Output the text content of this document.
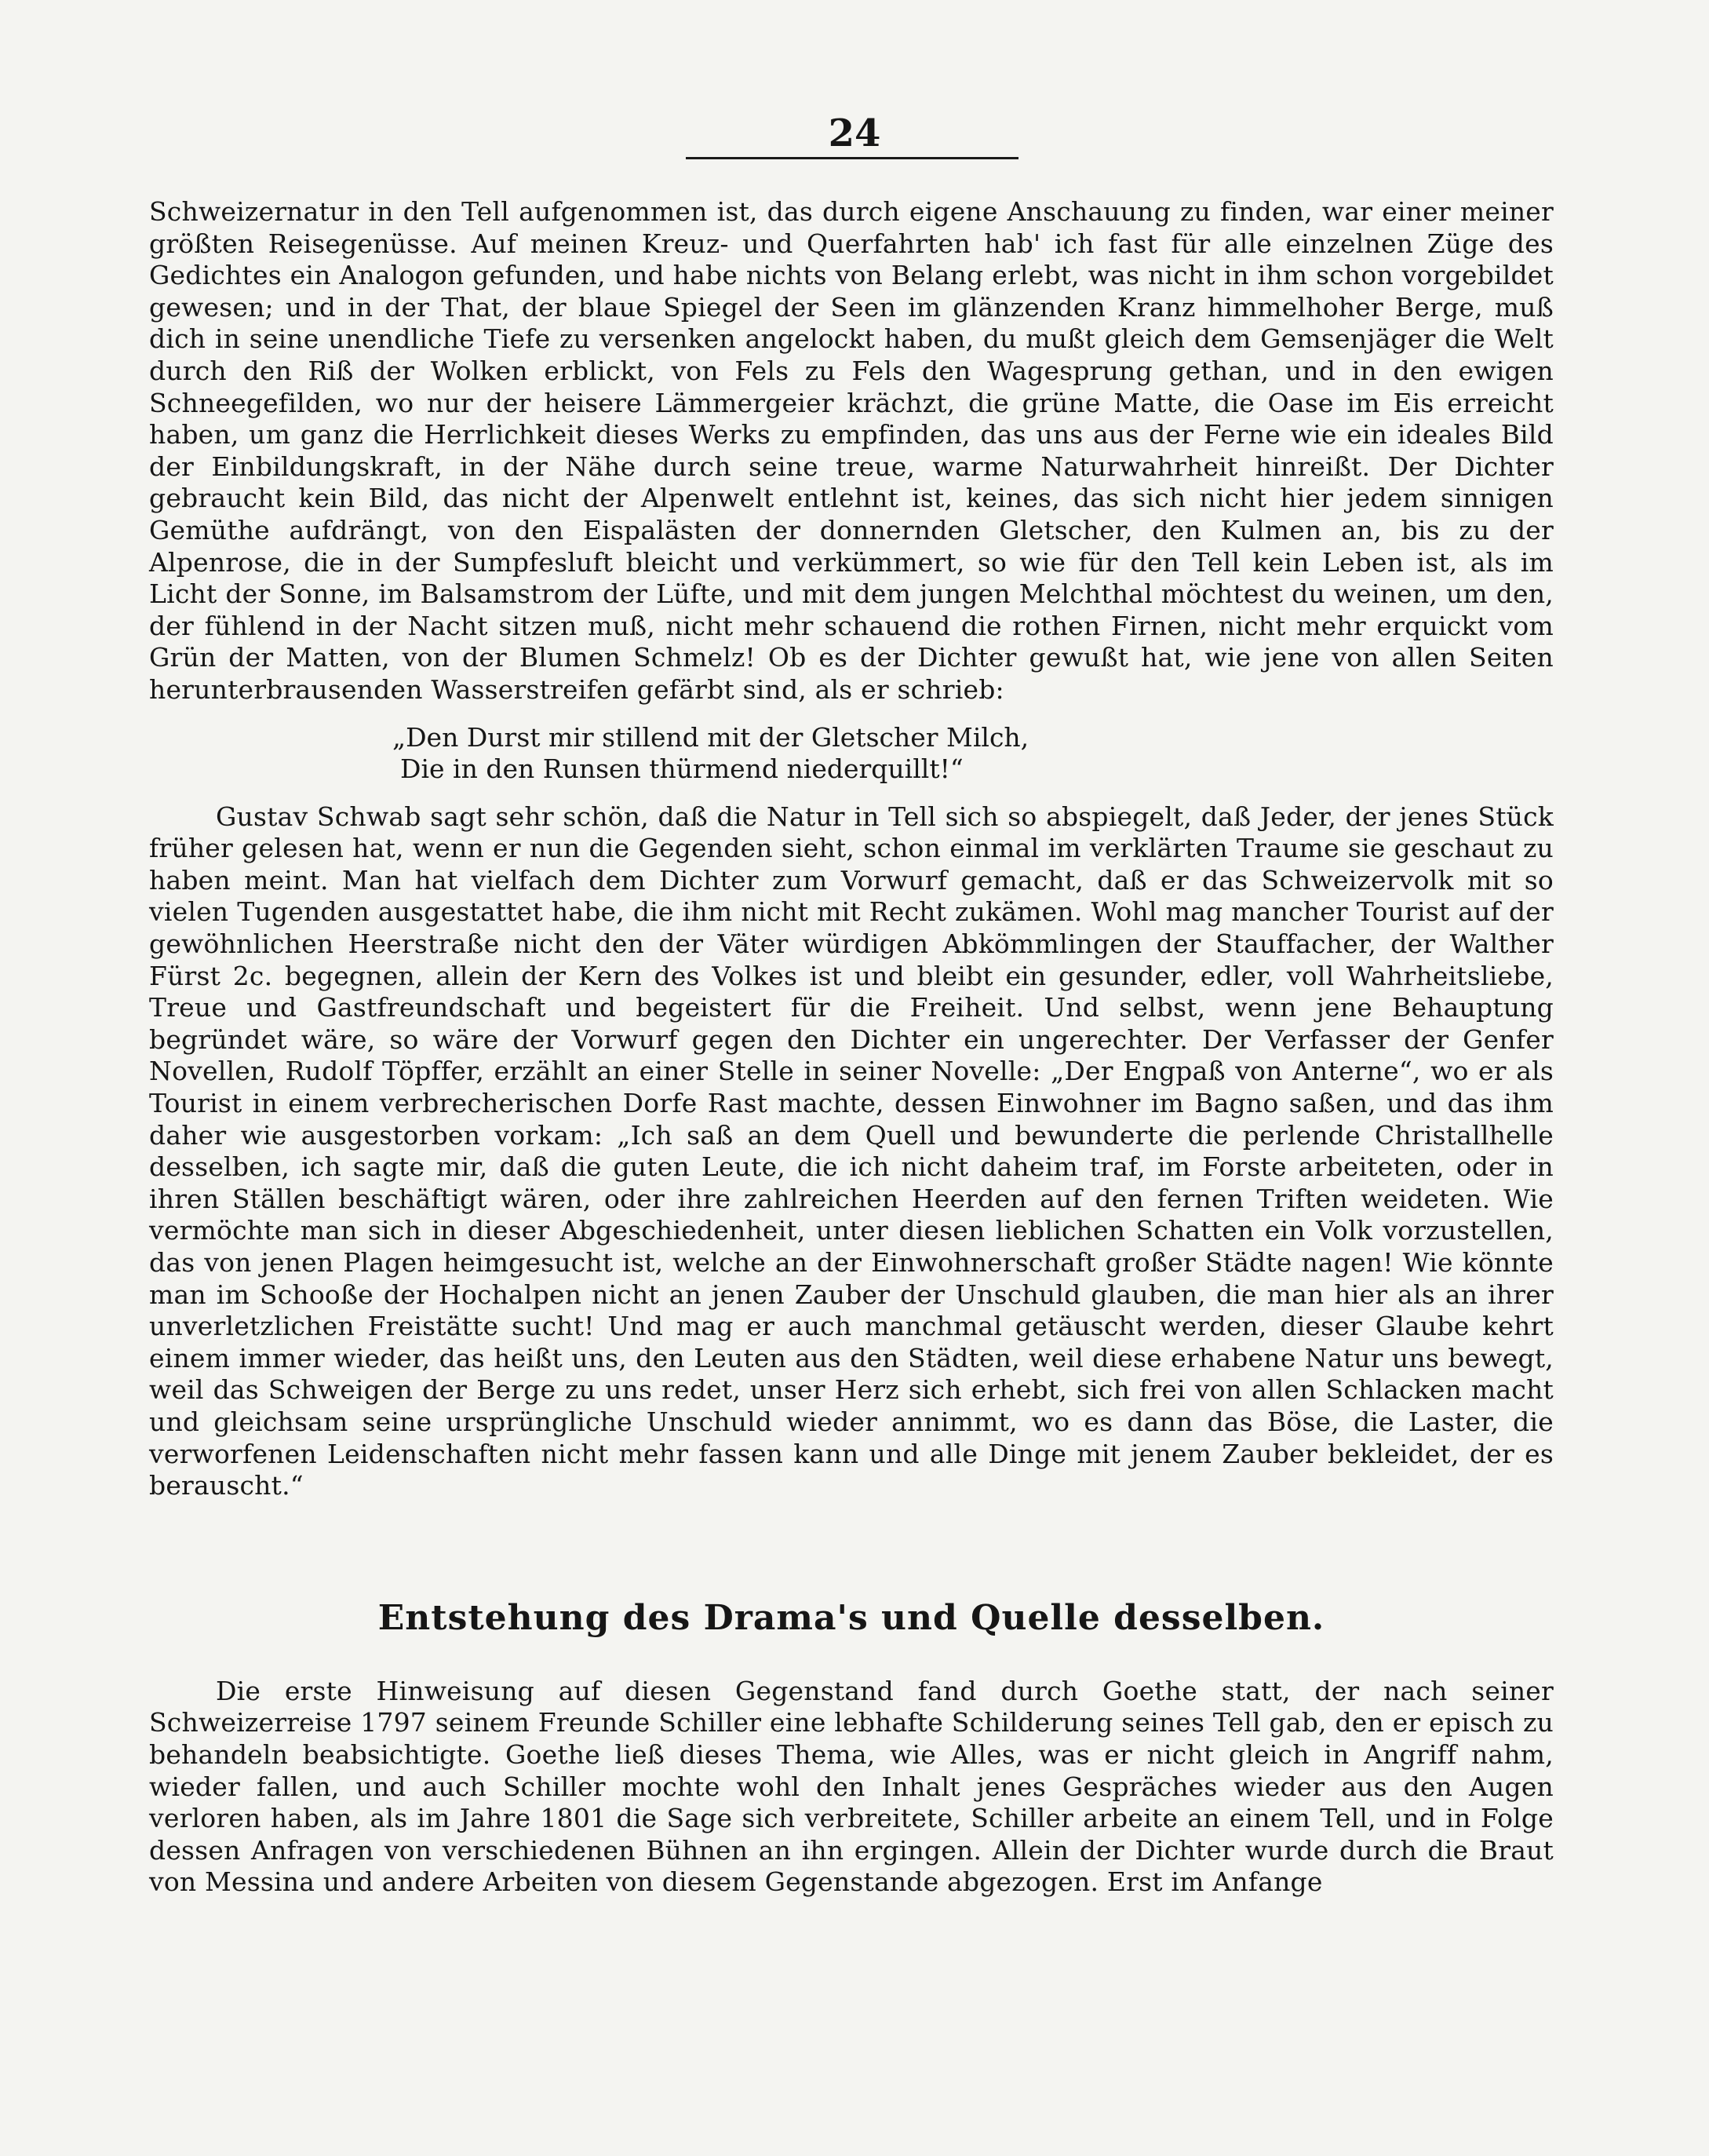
24

Schweizernatur in den Tell aufgenommen ist, das durch eigene Anschauung zu finden, war einer meiner größten Reisegenüsse. Auf meinen Kreuz- und Querfahrten hab' ich fast für alle einzelnen Züge des Gedichtes ein Analogon gefunden, und habe nichts von Belang erlebt, was nicht in ihm schon vorgebildet gewesen; und in der That, der blaue Spiegel der Seen im glänzenden Kranz himmelhoher Berge, muß dich in seine unendliche Tiefe zu versenken angelockt haben, du mußt gleich dem Gemsenjäger die Welt durch den Riß der Wolken erblickt, von Fels zu Fels den Wagesprung gethan, und in den ewigen Schneegefilden, wo nur der heisere Lämmergeier krächzt, die grüne Matte, die Oase im Eis erreicht haben, um ganz die Herrlichkeit dieses Werks zu empfinden, das uns aus der Ferne wie ein ideales Bild der Einbildungskraft, in der Nähe durch seine treue, warme Naturwahrheit hinreißt. Der Dichter gebraucht kein Bild, das nicht der Alpenwelt entlehnt ist, keines, das sich nicht hier jedem sinnigen Gemüthe aufdrängt, von den Eispalästen der donnernden Gletscher, den Kulmen an, bis zu der Alpenrose, die in der Sumpfesluft bleicht und verkümmert, so wie für den Tell kein Leben ist, als im Licht der Sonne, im Balsamstrom der Lüfte, und mit dem jungen Melchthal möchtest du weinen, um den, der fühlend in der Nacht sitzen muß, nicht mehr schauend die rothen Firnen, nicht mehr erquickt vom Grün der Matten, von der Blumen Schmelz! Ob es der Dichter gewußt hat, wie jene von allen Seiten herunterbrausenden Wasserstreifen gefärbt sind, als er schrieb:

„Den Durst mir stillend mit der Gletscher Milch,
Die in den Runsen thürmend niederquillt!“

Gustav Schwab sagt sehr schön, daß die Natur in Tell sich so abspiegelt, daß Jeder, der jenes Stück früher gelesen hat, wenn er nun die Gegenden sieht, schon einmal im verklärten Traume sie geschaut zu haben meint. Man hat vielfach dem Dichter zum Vorwurf gemacht, daß er das Schweizervolk mit so vielen Tugenden ausgestattet habe, die ihm nicht mit Recht zukämen. Wohl mag mancher Tourist auf der gewöhnlichen Heerstraße nicht den der Väter würdigen Abkömmlingen der Stauffacher, der Walther Fürst 2c. begegnen, allein der Kern des Volkes ist und bleibt ein gesunder, edler, voll Wahrheitsliebe, Treue und Gastfreundschaft und begeistert für die Freiheit. Und selbst, wenn jene Behauptung begründet wäre, so wäre der Vorwurf gegen den Dichter ein ungerechter. Der Verfasser der Genfer Novellen, Rudolf Töpffer, erzählt an einer Stelle in seiner Novelle: „Der Engpaß von Anterne“, wo er als Tourist in einem verbrecherischen Dorfe Rast machte, dessen Einwohner im Bagno saßen, und das ihm daher wie ausgestorben vorkam: „Ich saß an dem Quell und bewunderte die perlende Christallhelle desselben, ich sagte mir, daß die guten Leute, die ich nicht daheim traf, im Forste arbeiteten, oder in ihren Ställen beschäftigt wären, oder ihre zahlreichen Heerden auf den fernen Triften weideten. Wie vermöchte man sich in dieser Abgeschiedenheit, unter diesen lieblichen Schatten ein Volk vorzustellen, das von jenen Plagen heimgesucht ist, welche an der Einwohnerschaft großer Städte nagen! Wie könnte man im Schooße der Hochalpen nicht an jenen Zauber der Unschuld glauben, die man hier als an ihrer unverletzlichen Freistätte sucht! Und mag er auch manchmal getäuscht werden, dieser Glaube kehrt einem immer wieder, das heißt uns, den Leuten aus den Städten, weil diese erhabene Natur uns bewegt, weil das Schweigen der Berge zu uns redet, unser Herz sich erhebt, sich frei von allen Schlacken macht und gleichsam seine ursprüngliche Unschuld wieder annimmt, wo es dann das Böse, die Laster, die verworfenen Leidenschaften nicht mehr fassen kann und alle Dinge mit jenem Zauber bekleidet, der es berauscht.“

Entstehung des Drama's und Quelle desselben.

Die erste Hinweisung auf diesen Gegenstand fand durch Goethe statt, der nach seiner Schweizerreise 1797 seinem Freunde Schiller eine lebhafte Schilderung seines Tell gab, den er episch zu behandeln beabsichtigte. Goethe ließ dieses Thema, wie Alles, was er nicht gleich in Angriff nahm, wieder fallen, und auch Schiller mochte wohl den Inhalt jenes Gespräches wieder aus den Augen verloren haben, als im Jahre 1801 die Sage sich verbreitete, Schiller arbeite an einem Tell, und in Folge dessen Anfragen von verschiedenen Bühnen an ihn ergingen. Allein der Dichter wurde durch die Braut von Messina und andere Arbeiten von diesem Gegenstande abgezogen. Erst im Anfange
